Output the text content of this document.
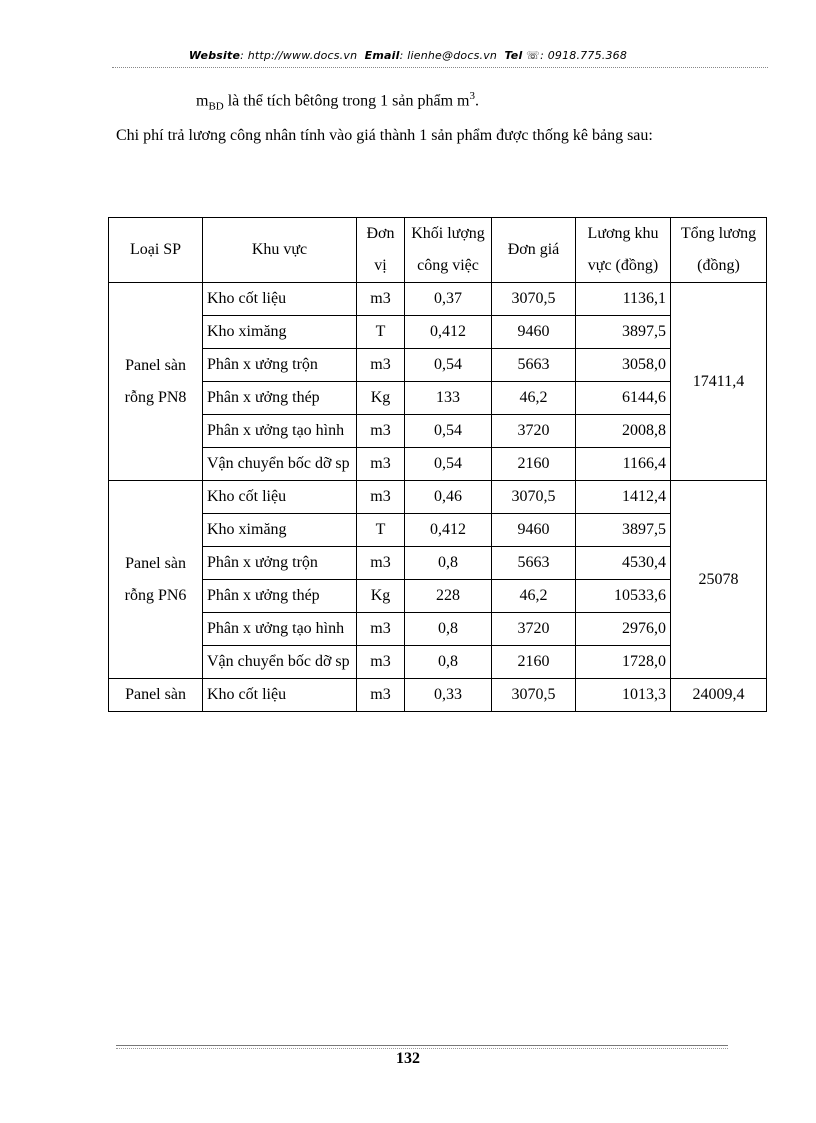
Website: http://www.docs.vn Email: lienhe@docs.vn Tel ☏: 0918.775.368
$m_{BD}$ là thể tích bêtông trong 1 sản phẩm $m^3$.
Chi phí trả lương công nhân tính vào giá thành 1 sản phẩm được thống kê bảng sau:
Loại SP	Khu vực	Đơn vị	Khối lượng công việc	Đơn giá	Lương khu vực (đồng)	Tổng lương (đồng)
Panel sàn rỗng PN8	Kho cốt liệu	m3	0,37	3070,5	1136,1	17411,4
	Kho ximăng	T	0,412	9460	3897,5	
	Phân x ưởng trộn	m3	0,54	5663	3058,0	
	Phân x ưởng thép	Kg	133	46,2	6144,6	
	Phân x ưởng tạo hình	m3	0,54	3720	2008,8	
	Vận chuyển bốc dỡ sp	m3	0,54	2160	1166,4	
Panel sàn rỗng PN6	Kho cốt liệu	m3	0,46	3070,5	1412,4	25078
	Kho ximăng	T	0,412	9460	3897,5	
	Phân x ưởng trộn	m3	0,8	5663	4530,4	
	Phân x ưởng thép	Kg	228	46,2	10533,6	
	Phân x ưởng tạo hình	m3	0,8	3720	2976,0	
	Vận chuyển bốc dỡ sp	m3	0,8	2160	1728,0	
Panel sàn	Kho cốt liệu	m3	0,33	3070,5	1013,3	24009,4
132
